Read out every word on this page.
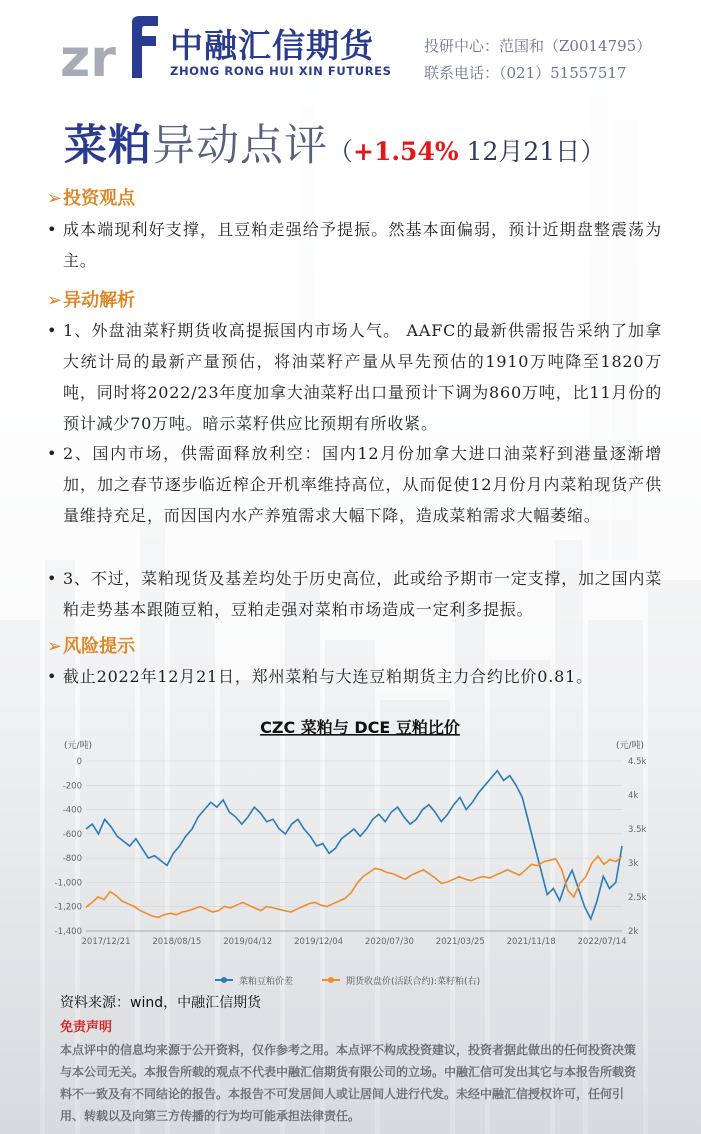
zr 中融汇信期货
ZHONG RONG HUI XIN FUTURES
投研中心：范国和（Z0014795）
联系电话：（021）51557517
菜粕异动点评（+1.54% 12月21日）
➢投资观点
• 成本端现利好支撑，且豆粕走强给予提振。然基本面偏弱，预计近期盘整震荡为主。
➢异动解析
• 1、外盘油菜籽期货收高提振国内市场人气。 AAFC的最新供需报告采纳了加拿大统计局的最新产量预估，将油菜籽产量从早先预估的1910万吨降至1820万吨，同时将2022/23年度加拿大油菜籽出口量预计下调为860万吨，比11月份的预计减少70万吨。暗示菜籽供应比预期有所收紧。
• 2、国内市场，供需面释放利空：国内12月份加拿大进口油菜籽到港量逐渐增加，加之春节逐步临近榨企开机率维持高位，从而促使12月份月内菜粕现货产供量维持充足，而因国内水产养殖需求大幅下降，造成菜粕需求大幅萎缩。
• 3、不过，菜粕现货及基差均处于历史高位，此或给予期市一定支撑，加之国内菜粕走势基本跟随豆粕，豆粕走强对菜粕市场造成一定利多提振。
➢风险提示
• 截止2022年12月21日，郑州菜粕与大连豆粕期货主力合约比价0.81。
CZC 菜粕与 DCE 豆粕比价
(元/吨)	(元/吨)
0
-200
-400
-600
-800
-1,000
-1,200
-1,400
4.5k
4k
3.5k
3k
2.5k
2k
2017/12/21	2018/08/15	2019/04/12	2019/12/04	2020/07/30	2021/03/25	2021/11/18	2022/07/14
菜粕豆粕价差	期货收盘价(活跃合约):菜籽粕(右)
资料来源：wind，中融汇信期货
免责声明
本点评中的信息均来源于公开资料，仅作参考之用。本点评不构成投资建议，投资者据此做出的任何投资决策与本公司无关。本报告所载的观点不代表中融汇信期货有限公司的立场。中融汇信可发出其它与本报告所载资料不一致及有不同结论的报告。本报告不可发居间人或让居间人进行代发。未经中融汇信授权许可，任何引用、转载以及向第三方传播的行为均可能承担法律责任。
